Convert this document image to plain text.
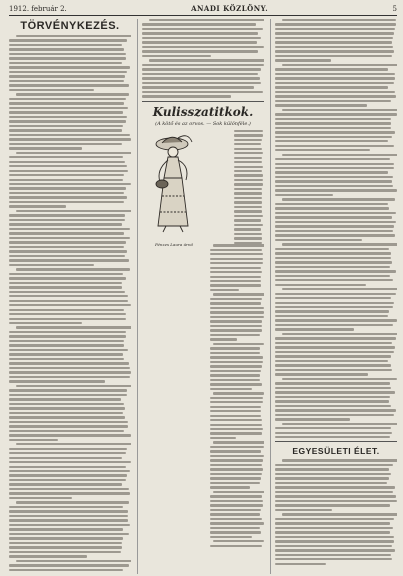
1912. február 2.	ANADI KÖZLÖNY.	5
TÖRVÉNYKEZÉS.
Kulisszatitkok.
(A kötő és az orvos. — Sok különféle.)
Pénzes Laura úrnő
EGYESÜLETI ÉLET.
